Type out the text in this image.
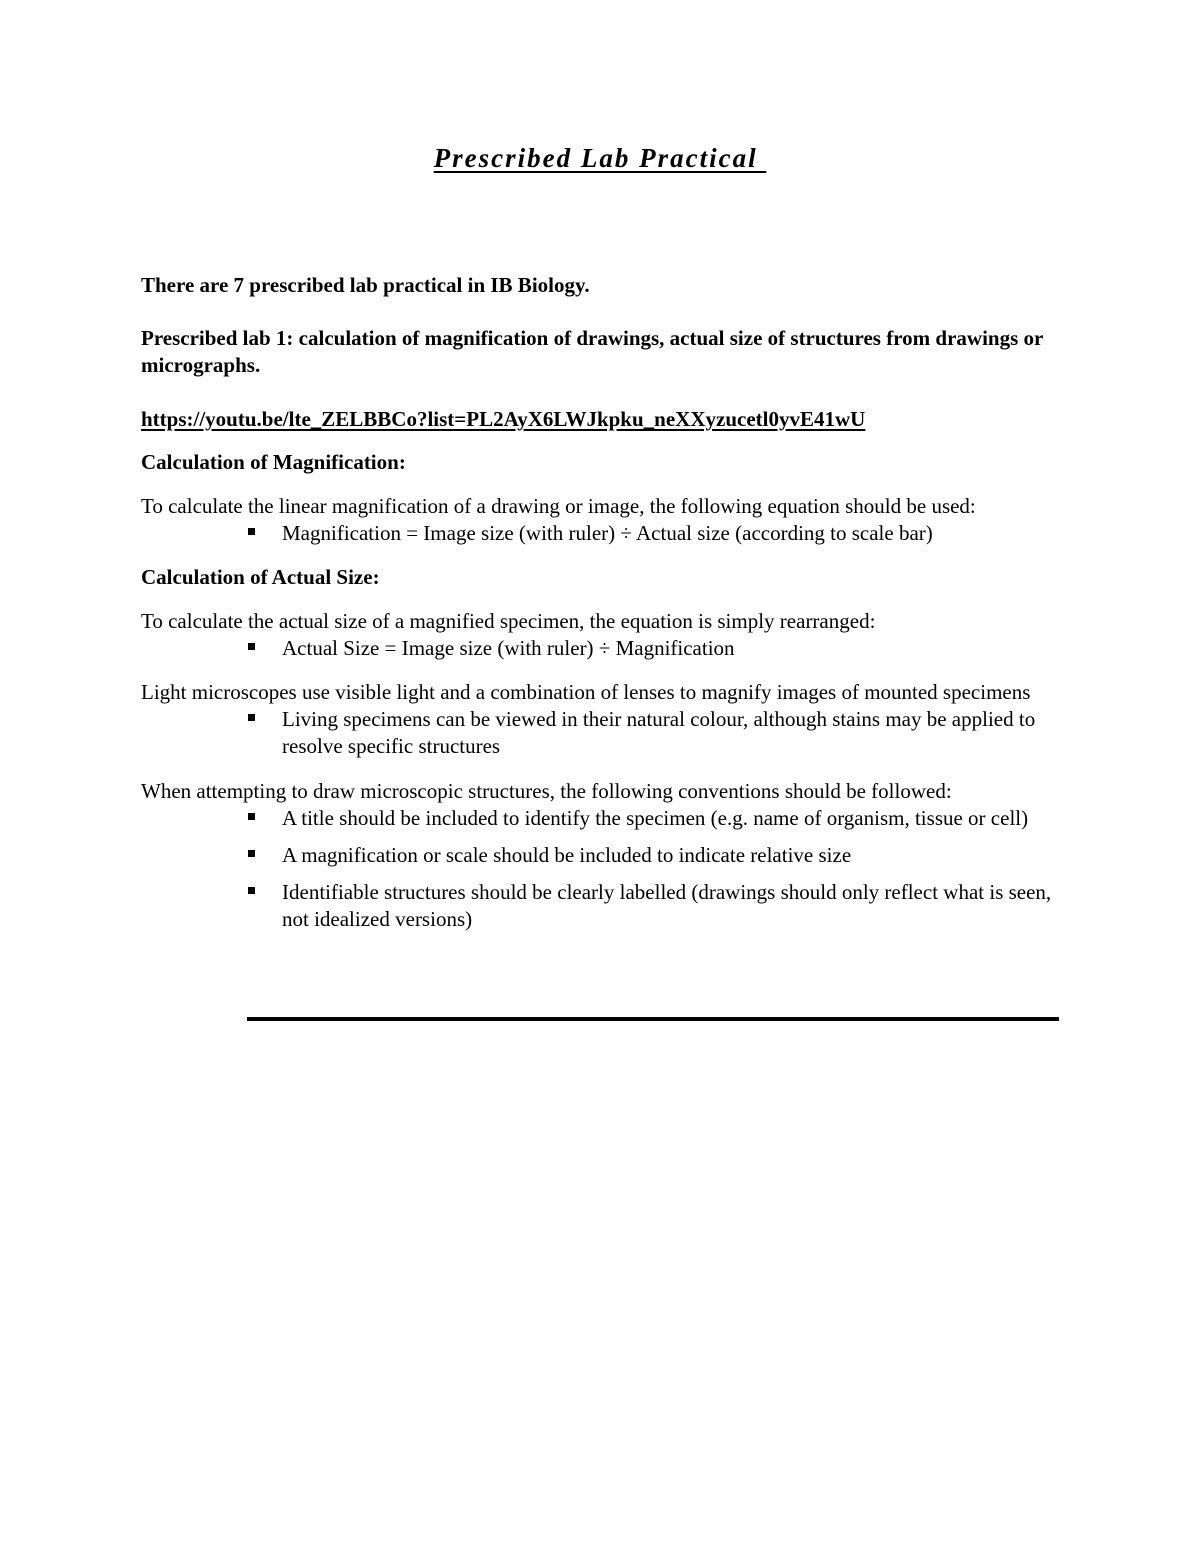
Prescribed Lab Practical

There are 7 prescribed lab practical in IB Biology.

Prescribed lab 1: calculation of magnification of drawings, actual size of structures from drawings or micrographs.

https://youtu.be/lte_ZELBBCo?list=PL2AyX6LWJkpku_neXXyzucetl0yvE41wU

Calculation of Magnification:

To calculate the linear magnification of a drawing or image, the following equation should be used:

Magnification = Image size (with ruler) ÷ Actual size (according to scale bar)

Calculation of Actual Size:

To calculate the actual size of a magnified specimen, the equation is simply rearranged:

Actual Size = Image size (with ruler) ÷ Magnification

Light microscopes use visible light and a combination of lenses to magnify images of mounted specimens

Living specimens can be viewed in their natural colour, although stains may be applied to resolve specific structures

When attempting to draw microscopic structures, the following conventions should be followed:

A title should be included to identify the specimen (e.g. name of organism, tissue or cell)
A magnification or scale should be included to indicate relative size
Identifiable structures should be clearly labelled (drawings should only reflect what is seen, not idealized versions)
